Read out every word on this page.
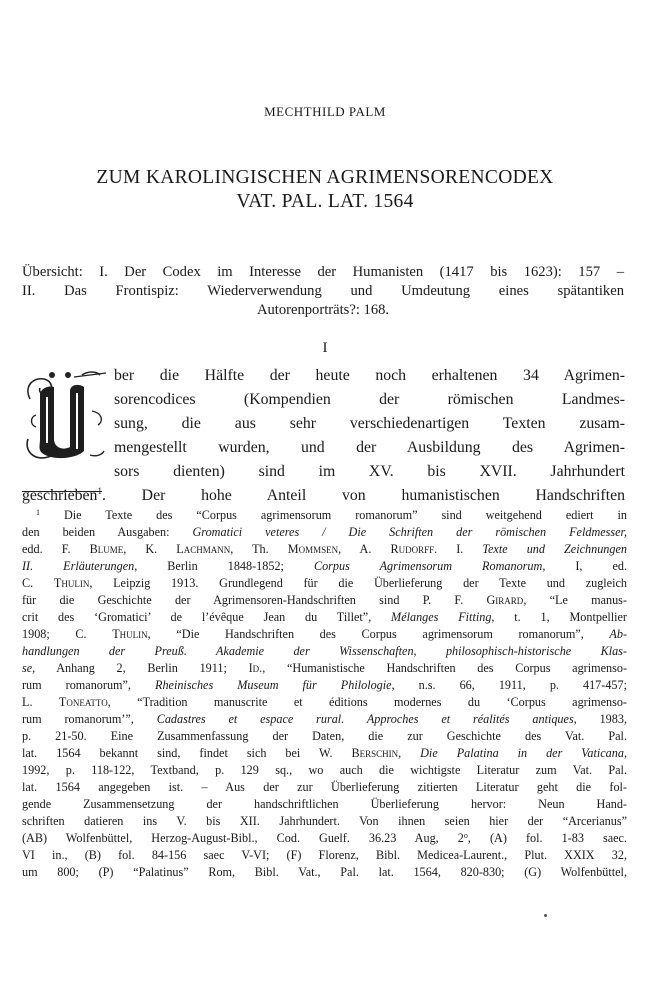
MECHTHILD PALM
ZUM KAROLINGISCHEN AGRIMENSORENCODEX
VAT. PAL. LAT. 1564
Übersicht: I. Der Codex im Interesse der Humanisten (1417 bis 1623): 157 –
II. Das Frontispiz: Wiederverwendung und Umdeutung eines spätantiken
Autorenporträts?: 168.
I
ber die Hälfte der heute noch erhaltenen 34 Agrimen-
sorencodices (Kompendien der römischen Landmes-
sung, die aus sehr verschiedenartigen Texten zusam-
mengestellt wurden, und der Ausbildung des Agrimen-
sors dienten) sind im XV. bis XVII. Jahrhundert
geschrieben$^1$. Der hohe Anteil von humanistischen Handschriften
$^1$ Die Texte des “Corpus agrimensorum romanorum” sind weitgehend ediert in
den beiden Ausgaben: Gromatici veteres / Die Schriften der römischen Feldmesser,
edd. F. Blume, K. Lachmann, Th. Mommsen, A. Rudorff. I. Texte und Zeichnungen
II. Erläuterungen, Berlin 1848-1852; Corpus Agrimensorum Romanorum, I, ed.
C. Thulin, Leipzig 1913. Grundlegend für die Überlieferung der Texte und zugleich
für die Geschichte der Agrimensoren-Handschriften sind P. F. Girard, “Le manus-
crit des ‘Gromatici’ de l’évêque Jean du Tillet”, Mélanges Fitting, t. 1, Montpellier
1908; C. Thulin, “Die Handschriften des Corpus agrimensorum romanorum”, Ab-
handlungen der Preuß. Akademie der Wissenschaften, philosophisch-historische Klas-
se, Anhang 2, Berlin 1911; Id., “Humanistische Handschriften des Corpus agrimenso-
rum romanorum”, Rheinisches Museum für Philologie, n.s. 66, 1911, p. 417-457;
L. Toneatto, “Tradition manuscrite et éditions modernes du ‘Corpus agrimenso-
rum romanorum’”, Cadastres et espace rural. Approches et réalités antiques, 1983,
p. 21-50. Eine Zusammenfassung der Daten, die zur Geschichte des Vat. Pal.
lat. 1564 bekannt sind, findet sich bei W. Berschin, Die Palatina in der Vaticana,
1992, p. 118-122, Textband, p. 129 sq., wo auch die wichtigste Literatur zum Vat. Pal.
lat. 1564 angegeben ist. – Aus der zur Überlieferung zitierten Literatur geht die fol-
gende Zusammensetzung der handschriftlichen Überlieferung hervor: Neun Hand-
schriften datieren ins V. bis XII. Jahrhundert. Von ihnen seien hier der “Arcerianus”
(AB) Wolfenbüttel, Herzog-August-Bibl., Cod. Guelf. 36.23 Aug, 2$^o$, (A) fol. 1-83 saec.
VI in., (B) fol. 84-156 saec V-VI; (F) Florenz, Bibl. Medicea-Laurent., Plut. XXIX 32,
um 800; (P) “Palatinus” Rom, Bibl. Vat., Pal. lat. 1564, 820-830; (G) Wolfenbüttel,
